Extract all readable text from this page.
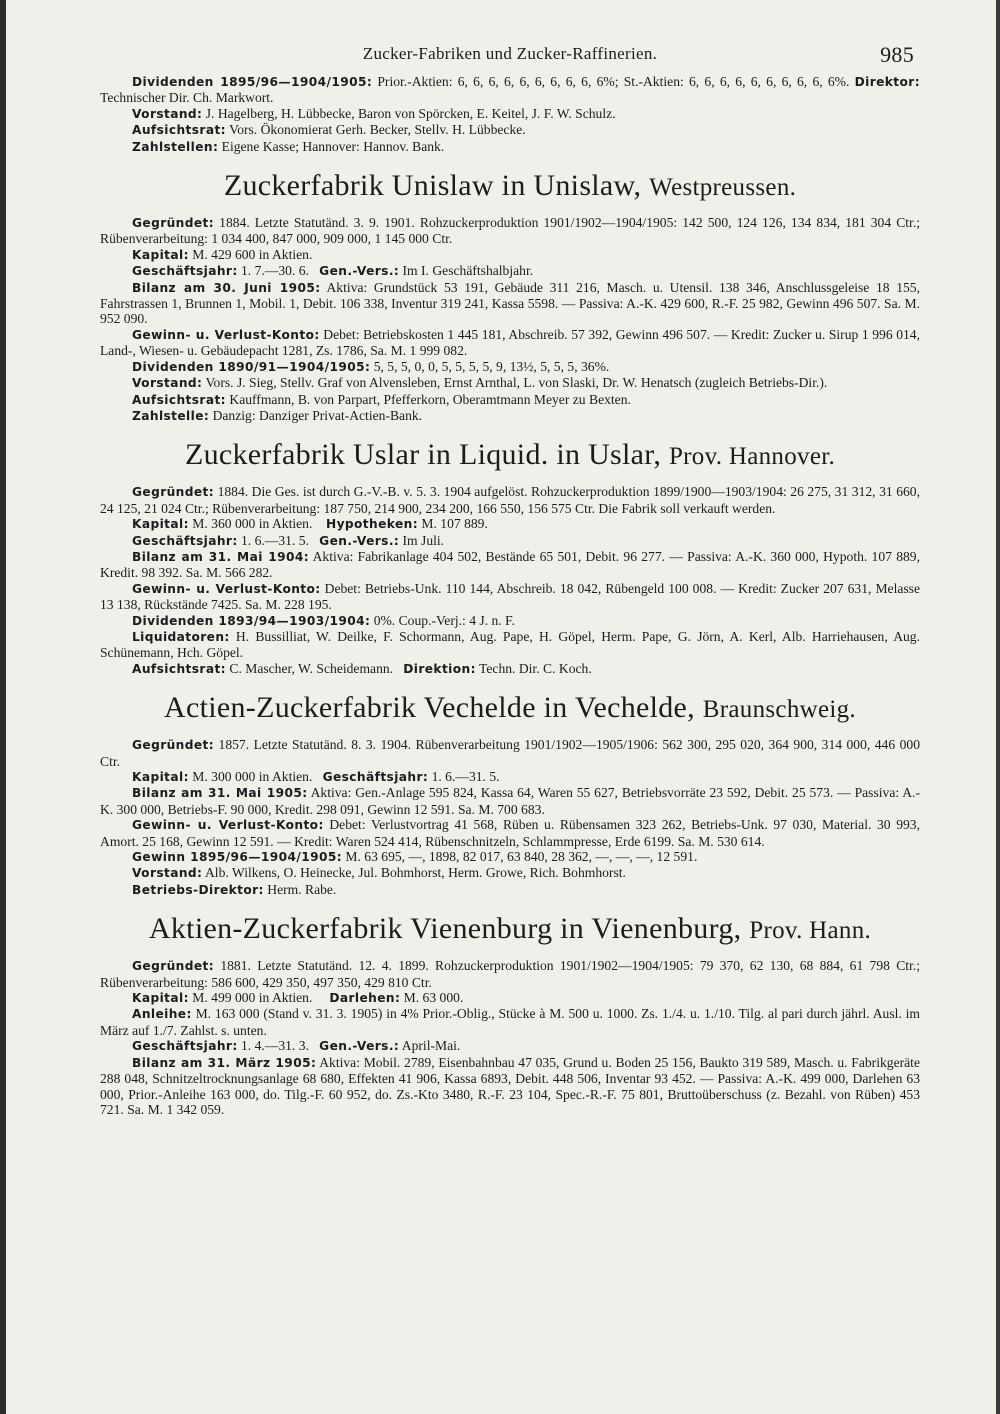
Zucker-Fabriken und Zucker-Raffinerien.	985

Dividenden 1895/96—1904/1905: Prior.-Aktien: 6, 6, 6, 6, 6, 6, 6, 6, 6, 6%; St.-Aktien: 6, 6, 6, 6, 6, 6, 6, 6, 6, 6%. Direktor: Technischer Dir. Ch. Markwort.

Vorstand: J. Hagelberg, H. Lübbecke, Baron von Spörcken, E. Keitel, J. F. W. Schulz.

Aufsichtsrat: Vors. Ökonomierat Gerh. Becker, Stellv. H. Lübbecke.

Zahlstellen: Eigene Kasse; Hannover: Hannov. Bank.

Zuckerfabrik Unislaw in Unislaw, Westpreussen.

Gegründet: 1884. Letzte Statutänd. 3. 9. 1901. Rohzuckerproduktion 1901/1902—1904/1905: 142 500, 124 126, 134 834, 181 304 Ctr.; Rübenverarbeitung: 1 034 400, 847 000, 909 000, 1 145 000 Ctr.

Kapital: M. 429 600 in Aktien.

Geschäftsjahr: 1. 7.—30. 6. Gen.-Vers.: Im I. Geschäftshalbjahr.

Bilanz am 30. Juni 1905: Aktiva: Grundstück 53 191, Gebäude 311 216, Masch. u. Utensil. 138 346, Anschlussgeleise 18 155, Fahrstrassen 1, Brunnen 1, Mobil. 1, Debit. 106 338, Inventur 319 241, Kassa 5598. — Passiva: A.-K. 429 600, R.-F. 25 982, Gewinn 496 507. Sa. M. 952 090.

Gewinn- u. Verlust-Konto: Debet: Betriebskosten 1 445 181, Abschreib. 57 392, Gewinn 496 507. — Kredit: Zucker u. Sirup 1 996 014, Land-, Wiesen- u. Gebäudepacht 1281, Zs. 1786, Sa. M. 1 999 082.

Dividenden 1890/91—1904/1905: 5, 5, 5, 0, 0, 5, 5, 5, 5, 9, 13½, 5, 5, 5, 36%.

Vorstand: Vors. J. Sieg, Stellv. Graf von Alvensleben, Ernst Arnthal, L. von Slaski, Dr. W. Henatsch (zugleich Betriebs-Dir.).

Aufsichtsrat: Kauffmann, B. von Parpart, Pfefferkorn, Oberamtmann Meyer zu Bexten.

Zahlstelle: Danzig: Danziger Privat-Actien-Bank.

Zuckerfabrik Uslar in Liquid. in Uslar, Prov. Hannover.

Gegründet: 1884. Die Ges. ist durch G.-V.-B. v. 5. 3. 1904 aufgelöst. Rohzuckerproduktion 1899/1900—1903/1904: 26 275, 31 312, 31 660, 24 125, 21 024 Ctr.; Rübenverarbeitung: 187 750, 214 900, 234 200, 166 550, 156 575 Ctr. Die Fabrik soll verkauft werden.

Kapital: M. 360 000 in Aktien. Hypotheken: M. 107 889.

Geschäftsjahr: 1. 6.—31. 5. Gen.-Vers.: Im Juli.

Bilanz am 31. Mai 1904: Aktiva: Fabrikanlage 404 502, Bestände 65 501, Debit. 96 277. — Passiva: A.-K. 360 000, Hypoth. 107 889, Kredit. 98 392. Sa. M. 566 282.

Gewinn- u. Verlust-Konto: Debet: Betriebs-Unk. 110 144, Abschreib. 18 042, Rübengeld 100 008. — Kredit: Zucker 207 631, Melasse 13 138, Rückstände 7425. Sa. M. 228 195.

Dividenden 1893/94—1903/1904: 0%. Coup.-Verj.: 4 J. n. F.

Liquidatoren: H. Bussilliat, W. Deilke, F. Schormann, Aug. Pape, H. Göpel, Herm. Pape, G. Jörn, A. Kerl, Alb. Harriehausen, Aug. Schünemann, Hch. Göpel.

Aufsichtsrat: C. Mascher, W. Scheidemann. Direktion: Techn. Dir. C. Koch.

Actien-Zuckerfabrik Vechelde in Vechelde, Braunschweig.

Gegründet: 1857. Letzte Statutänd. 8. 3. 1904. Rübenverarbeitung 1901/1902—1905/1906: 562 300, 295 020, 364 900, 314 000, 446 000 Ctr.

Kapital: M. 300 000 in Aktien. Geschäftsjahr: 1. 6.—31. 5.

Bilanz am 31. Mai 1905: Aktiva: Gen.-Anlage 595 824, Kassa 64, Waren 55 627, Betriebsvorräte 23 592, Debit. 25 573. — Passiva: A.-K. 300 000, Betriebs-F. 90 000, Kredit. 298 091, Gewinn 12 591. Sa. M. 700 683.

Gewinn- u. Verlust-Konto: Debet: Verlustvortrag 41 568, Rüben u. Rübensamen 323 262, Betriebs-Unk. 97 030, Material. 30 993, Amort. 25 168, Gewinn 12 591. — Kredit: Waren 524 414, Rübenschnitzeln, Schlammpresse, Erde 6199. Sa. M. 530 614.

Gewinn 1895/96—1904/1905: M. 63 695, —, 1898, 82 017, 63 840, 28 362, —, —, —, 12 591.

Vorstand: Alb. Wilkens, O. Heinecke, Jul. Bohmhorst, Herm. Growe, Rich. Bohmhorst.

Betriebs-Direktor: Herm. Rabe.

Aktien-Zuckerfabrik Vienenburg in Vienenburg, Prov. Hann.

Gegründet: 1881. Letzte Statutänd. 12. 4. 1899. Rohzuckerproduktion 1901/1902—1904/1905: 79 370, 62 130, 68 884, 61 798 Ctr.; Rübenverarbeitung: 586 600, 429 350, 497 350, 429 810 Ctr.

Kapital: M. 499 000 in Aktien. Darlehen: M. 63 000.

Anleihe: M. 163 000 (Stand v. 31. 3. 1905) in 4% Prior.-Oblig., Stücke à M. 500 u. 1000. Zs. 1./4. u. 1./10. Tilg. al pari durch jährl. Ausl. im März auf 1./7. Zahlst. s. unten.

Geschäftsjahr: 1. 4.—31. 3. Gen.-Vers.: April-Mai.

Bilanz am 31. März 1905: Aktiva: Mobil. 2789, Eisenbahnbau 47 035, Grund u. Boden 25 156, Baukto 319 589, Masch. u. Fabrikgeräte 288 048, Schnitzeltrocknungsanlage 68 680, Effekten 41 906, Kassa 6893, Debit. 448 506, Inventar 93 452. — Passiva: A.-K. 499 000, Darlehen 63 000, Prior.-Anleihe 163 000, do. Tilg.-F. 60 952, do. Zs.-Kto 3480, R.-F. 23 104, Spec.-R.-F. 75 801, Bruttoüberschuss (z. Bezahl. von Rüben) 453 721. Sa. M. 1 342 059.
